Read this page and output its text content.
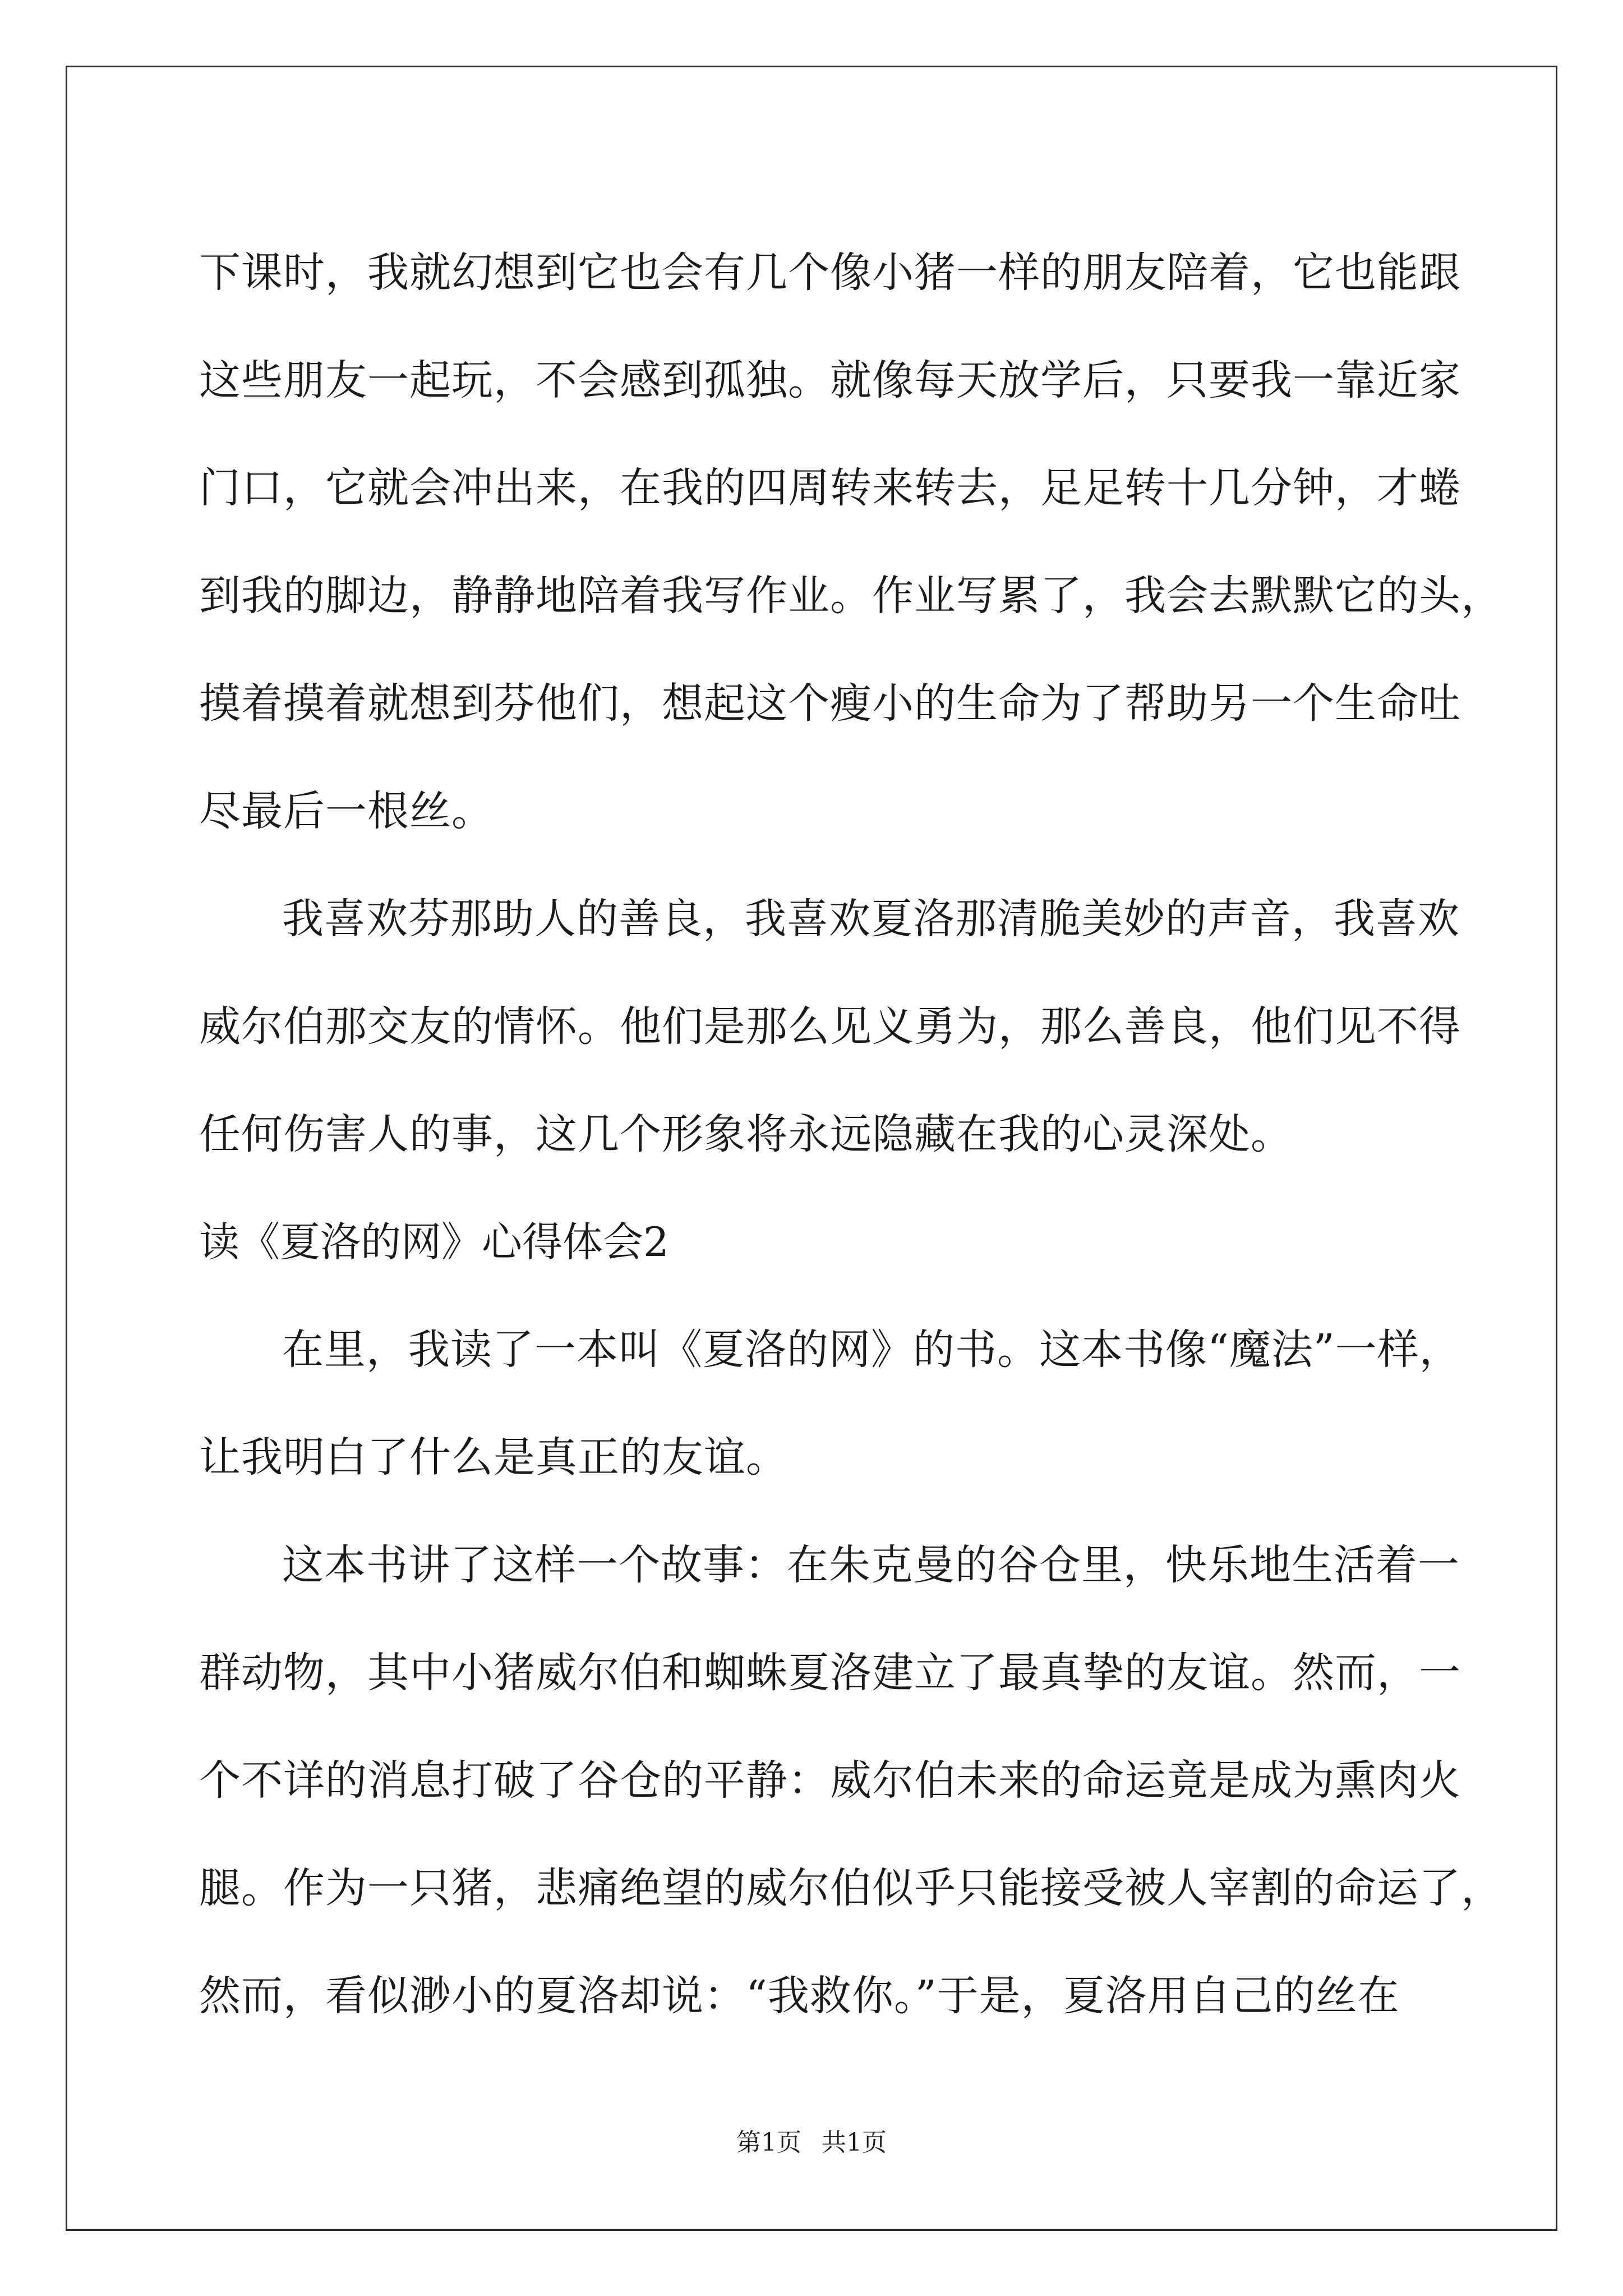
下课时，我就幻想到它也会有几个像小猪一样的朋友陪着，它也能跟
这些朋友一起玩，不会感到孤独。就像每天放学后，只要我一靠近家
门口，它就会冲出来，在我的四周转来转去，足足转十几分钟，才蜷
到我的脚边，静静地陪着我写作业。作业写累了，我会去默默它的头，
摸着摸着就想到芬他们，想起这个瘦小的生命为了帮助另一个生命吐
尽最后一根丝。
我喜欢芬那助人的善良，我喜欢夏洛那清脆美妙的声音，我喜欢
威尔伯那交友的情怀。他们是那么见义勇为，那么善良，他们见不得
任何伤害人的事，这几个形象将永远隐藏在我的心灵深处。
读《夏洛的网》心得体会2
在里，我读了一本叫《夏洛的网》的书。这本书像“魔法”一样，
让我明白了什么是真正的友谊。
这本书讲了这样一个故事：在朱克曼的谷仓里，快乐地生活着一
群动物，其中小猪威尔伯和蜘蛛夏洛建立了最真挚的友谊。然而，一
个不详的消息打破了谷仓的平静：威尔伯未来的命运竟是成为熏肉火
腿。作为一只猪，悲痛绝望的威尔伯似乎只能接受被人宰割的命运了，
然而，看似渺小的夏洛却说：“我救你。”于是，夏洛用自己的丝在
第1页 共1页
